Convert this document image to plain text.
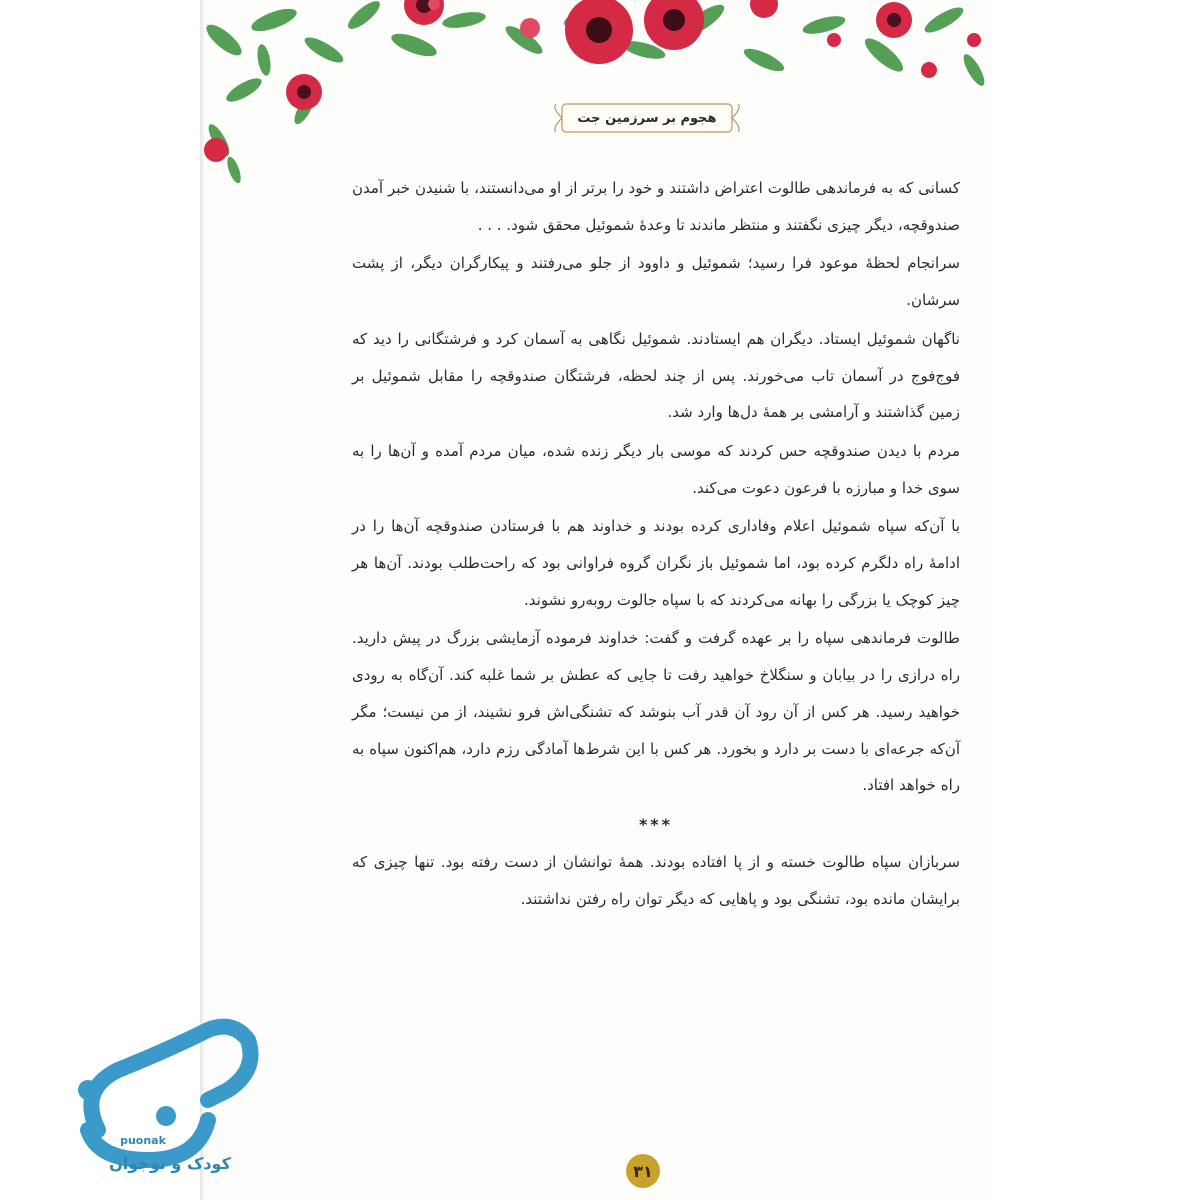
هجوم بر سرزمین جت

کسانی که به فرماندهی طالوت اعتراض داشتند و خود را برتر از او می‌دانستند، با شنیدن خبر آمدن صندوقچه، دیگر چیزی نگفتند و منتظر ماندند تا وعدهٔ شموئیل محقق شود. . . .

سرانجام لحظهٔ موعود فرا رسید؛ شموئیل و داوود از جلو می‌رفتند و پیکارگران دیگر، از پشت سرشان.

ناگهان شموئیل ایستاد. دیگران هم ایستادند. شموئیل نگاهی به آسمان کرد و فرشتگانی را دید که فوج‌فوج در آسمان تاب می‌خورند. پس از چند لحظه، فرشتگان صندوقچه را مقابل شموئیل بر زمین گذاشتند و آرامشی بر همهٔ دل‌ها وارد شد.

مردم با دیدن صندوقچه حس کردند که موسی بار دیگر زنده شده، میان مردم آمده و آن‌ها را به سوی خدا و مبارزه با فرعون دعوت می‌کند.

با آن‌که سپاه شموئیل اعلام وفاداری کرده بودند و خداوند هم با فرستادن صندوقچه آن‌ها را در ادامهٔ راه دلگرم کرده بود، اما شموئیل باز نگران گروه فراوانی بود که راحت‌طلب بودند. آن‌ها هر چیز کوچک یا بزرگی را بهانه می‌کردند که با سپاه جالوت روبه‌رو نشوند.

طالوت فرماندهی سپاه را بر عهده گرفت و گفت: خداوند فرموده آزمایشی بزرگ در پیش دارید. راه درازی را در بیابان و سنگلاخ خواهید رفت تا جایی که عطش بر شما غلبه کند. آن‌گاه به رودی خواهید رسید. هر کس از آن رود آن قدر آب بنوشد که تشنگی‌اش فرو نشیند، از من نیست؛ مگر آن‌که جرعه‌ای با دست بر دارد و بخورد. هر کس با این شرط‌ها آمادگی رزم دارد، هم‌اکنون سپاه به راه خواهد افتاد.

***

سربازان سپاه طالوت خسته و از پا افتاده بودند. همهٔ توانشان از دست رفته بود. تنها چیزی که برایشان مانده بود، تشنگی بود و پاهایی که دیگر توان راه رفتن نداشتند.

۳۱
puonak
کودک و نوجوان
